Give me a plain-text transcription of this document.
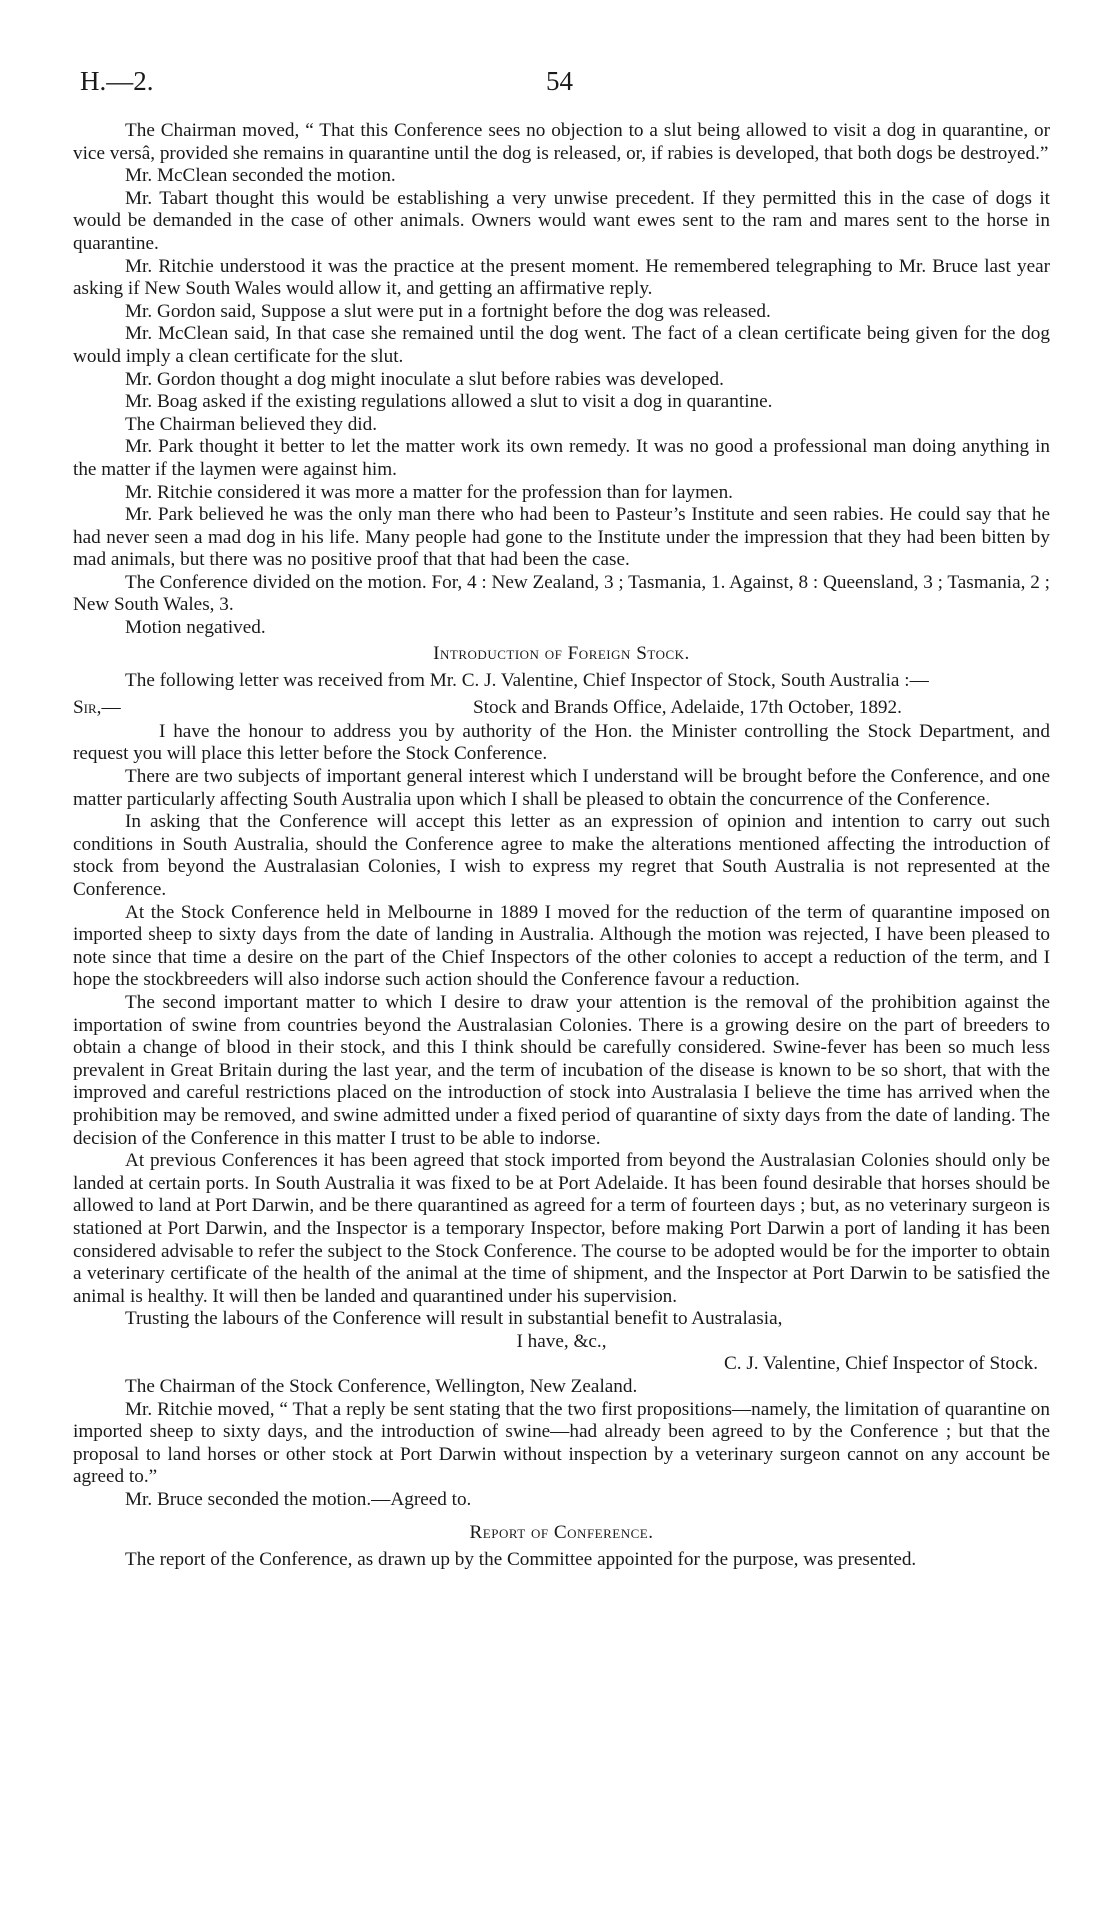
H.—2.	54

The Chairman moved, “ That this Conference sees no objection to a slut being allowed to visit a dog in quarantine, or vice versâ, provided she remains in quarantine until the dog is released, or, if rabies is developed, that both dogs be destroyed.”

Mr. McClean seconded the motion.

Mr. Tabart thought this would be establishing a very unwise precedent. If they permitted this in the case of dogs it would be demanded in the case of other animals. Owners would want ewes sent to the ram and mares sent to the horse in quarantine.

Mr. Ritchie understood it was the practice at the present moment. He remembered telegraphing to Mr. Bruce last year asking if New South Wales would allow it, and getting an affirmative reply.

Mr. Gordon said, Suppose a slut were put in a fortnight before the dog was released.

Mr. McClean said, In that case she remained until the dog went. The fact of a clean certificate being given for the dog would imply a clean certificate for the slut.

Mr. Gordon thought a dog might inoculate a slut before rabies was developed.

Mr. Boag asked if the existing regulations allowed a slut to visit a dog in quarantine.

The Chairman believed they did.

Mr. Park thought it better to let the matter work its own remedy. It was no good a professional man doing anything in the matter if the laymen were against him.

Mr. Ritchie considered it was more a matter for the profession than for laymen.

Mr. Park believed he was the only man there who had been to Pasteur’s Institute and seen rabies. He could say that he had never seen a mad dog in his life. Many people had gone to the Institute under the impression that they had been bitten by mad animals, but there was no positive proof that that had been the case.

The Conference divided on the motion. For, 4 : New Zealand, 3 ; Tasmania, 1. Against, 8 : Queensland, 3 ; Tasmania, 2 ; New South Wales, 3.

Motion negatived.

Introduction of Foreign Stock.

The following letter was received from Mr. C. J. Valentine, Chief Inspector of Stock, South Australia :—

Sir,—	Stock and Brands Office, Adelaide, 17th October, 1892.

I have the honour to address you by authority of the Hon. the Minister controlling the Stock Department, and request you will place this letter before the Stock Conference.

There are two subjects of important general interest which I understand will be brought before the Conference, and one matter particularly affecting South Australia upon which I shall be pleased to obtain the concurrence of the Conference.

In asking that the Conference will accept this letter as an expression of opinion and intention to carry out such conditions in South Australia, should the Conference agree to make the alterations mentioned affecting the introduction of stock from beyond the Australasian Colonies, I wish to express my regret that South Australia is not represented at the Conference.

At the Stock Conference held in Melbourne in 1889 I moved for the reduction of the term of quarantine imposed on imported sheep to sixty days from the date of landing in Australia. Although the motion was rejected, I have been pleased to note since that time a desire on the part of the Chief Inspectors of the other colonies to accept a reduction of the term, and I hope the stockbreeders will also indorse such action should the Conference favour a reduction.

The second important matter to which I desire to draw your attention is the removal of the prohibition against the importation of swine from countries beyond the Australasian Colonies. There is a growing desire on the part of breeders to obtain a change of blood in their stock, and this I think should be carefully considered. Swine-fever has been so much less prevalent in Great Britain during the last year, and the term of incubation of the disease is known to be so short, that with the improved and careful restrictions placed on the introduction of stock into Australasia I believe the time has arrived when the prohibition may be removed, and swine admitted under a fixed period of quarantine of sixty days from the date of landing. The decision of the Conference in this matter I trust to be able to indorse.

At previous Conferences it has been agreed that stock imported from beyond the Australasian Colonies should only be landed at certain ports. In South Australia it was fixed to be at Port Adelaide. It has been found desirable that horses should be allowed to land at Port Darwin, and be there quarantined as agreed for a term of fourteen days ; but, as no veterinary surgeon is stationed at Port Darwin, and the Inspector is a temporary Inspector, before making Port Darwin a port of landing it has been considered advisable to refer the subject to the Stock Conference. The course to be adopted would be for the importer to obtain a veterinary certificate of the health of the animal at the time of shipment, and the Inspector at Port Darwin to be satisfied the animal is healthy. It will then be landed and quarantined under his supervision.

Trusting the labours of the Conference will result in substantial benefit to Australasia,

I have, &c.,

C. J. Valentine, Chief Inspector of Stock.

The Chairman of the Stock Conference, Wellington, New Zealand.

Mr. Ritchie moved, “ That a reply be sent stating that the two first propositions—namely, the limitation of quarantine on imported sheep to sixty days, and the introduction of swine—had already been agreed to by the Conference ; but that the proposal to land horses or other stock at Port Darwin without inspection by a veterinary surgeon cannot on any account be agreed to.”

Mr. Bruce seconded the motion.—Agreed to.

Report of Conference.

The report of the Conference, as drawn up by the Committee appointed for the purpose, was presented.
